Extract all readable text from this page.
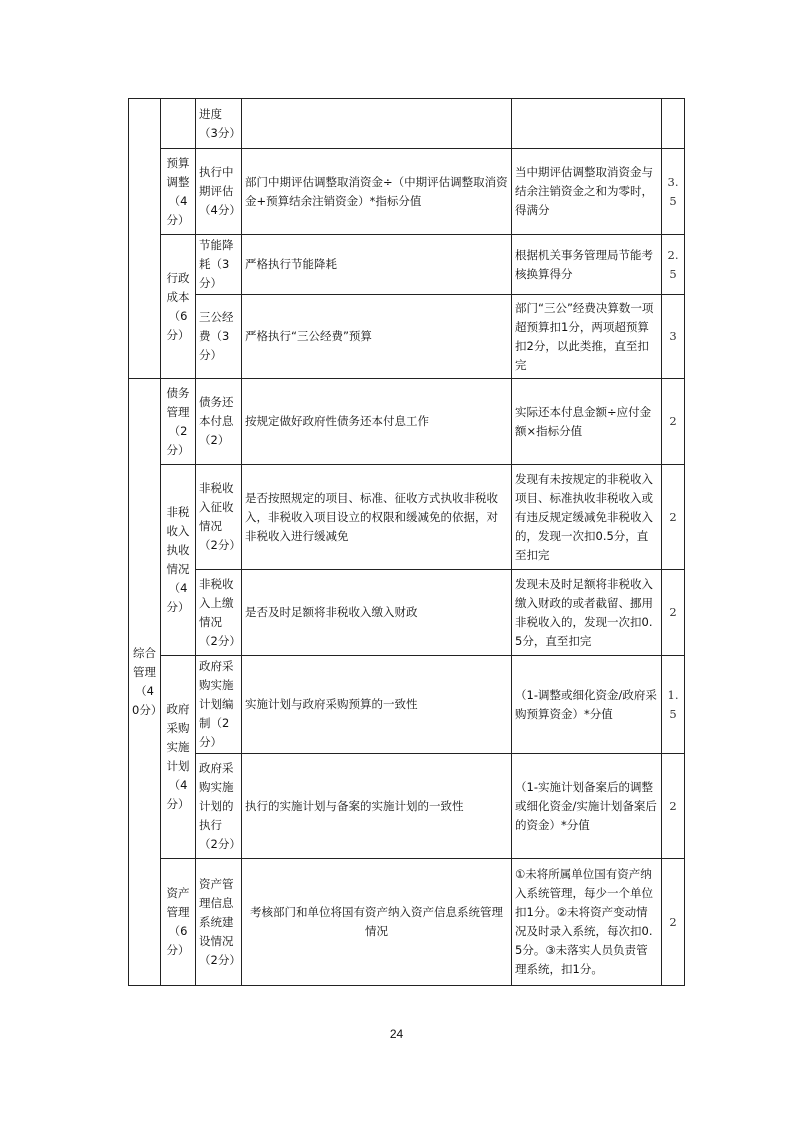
		进度（3分）			
	预算调整（4分）	执行中期评估（4分）	部门中期评估调整取消资金÷（中期评估调整取消资金+预算结余注销资金）*指标分值	当中期评估调整取消资金与结余注销资金之和为零时，得满分	3.5
	行政成本（6分）	节能降耗（3分）	严格执行节能降耗	根据机关事务管理局节能考核换算得分	2.5
		三公经费（3分）	严格执行“三公经费”预算	部门“三公”经费决算数一项超预算扣1分，两项超预算扣2分，以此类推，直至扣完	3
综合管理（40分）	债务管理（2分）	债务还本付息（2）	按规定做好政府性债务还本付息工作	实际还本付息金额÷应付金额×指标分值	2
	非税收入执收情况（4分）	非税收入征收情况（2分）	是否按照规定的项目、标准、征收方式执收非税收入，非税收入项目设立的权限和缓减免的依据，对非税收入进行缓减免	发现有未按规定的非税收入项目、标准执收非税收入或有违反规定缓减免非税收入的，发现一次扣0.5分，直至扣完	2
		非税收入上缴情况（2分）	是否及时足额将非税收入缴入财政	发现未及时足额将非税收入缴入财政的或者截留、挪用非税收入的，发现一次扣0.5分，直至扣完	2
	政府采购实施计划（4分）	政府采购实施计划编制（2分）	实施计划与政府采购预算的一致性	（1-调整或细化资金/政府采购预算资金）*分值	1.5
		政府采购实施计划的执行（2分）	执行的实施计划与备案的实施计划的一致性	（1-实施计划备案后的调整或细化资金/实施计划备案后的资金）*分值	2
	资产管理（6分）	资产管理信息系统建设情况（2分）	考核部门和单位将国有资产纳入资产信息系统管理情况	①未将所属单位国有资产纳入系统管理，每少一个单位扣1分。②未将资产变动情况及时录入系统，每次扣0.5分。③未落实人员负责管理系统，扣1分。	2
24
